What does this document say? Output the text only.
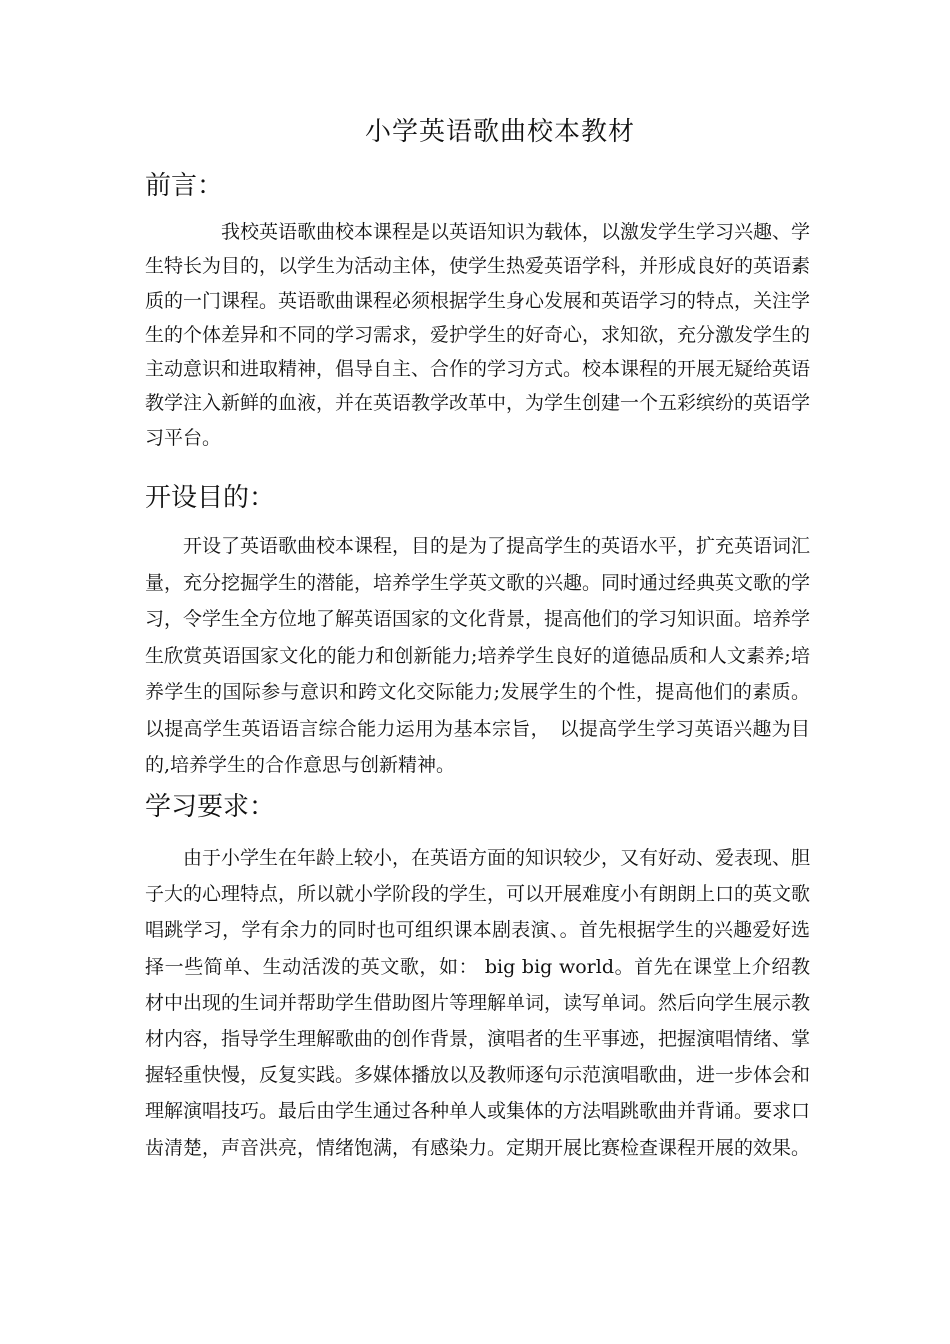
小学英语歌曲校本教材
前言：
我校英语歌曲校本课程是以英语知识为载体，以激发学生学习兴趣、学生特长为目的，以学生为活动主体，使学生热爱英语学科，并形成良好的英语素质的一门课程。英语歌曲课程必须根据学生身心发展和英语学习的特点，关注学生的个体差异和不同的学习需求，爱护学生的好奇心，求知欲，充分激发学生的主动意识和进取精神，倡导自主、合作的学习方式。校本课程的开展无疑给英语教学注入新鲜的血液，并在英语教学改革中，为学生创建一个五彩缤纷的英语学习平台。
开设目的：
开设了英语歌曲校本课程，目的是为了提高学生的英语水平，扩充英语词汇量，充分挖掘学生的潜能，培养学生学英文歌的兴趣。同时通过经典英文歌的学习，令学生全方位地了解英语国家的文化背景，提高他们的学习知识面。培养学生欣赏英语国家文化的能力和创新能力;培养学生良好的道德品质和人文素养;培养学生的国际参与意识和跨文化交际能力;发展学生的个性，提高他们的素质。以提高学生英语语言综合能力运用为基本宗旨，　以提高学生学习英语兴趣为目的,培养学生的合作意思与创新精神。
学习要求：
由于小学生在年龄上较小，在英语方面的知识较少，又有好动、爱表现、胆子大的心理特点，所以就小学阶段的学生，可以开展难度小有朗朗上口的英文歌唱跳学习，学有余力的同时也可组织课本剧表演、。首先根据学生的兴趣爱好选择一些简单、生动活泼的英文歌，如： big big world。首先在课堂上介绍教材中出现的生词并帮助学生借助图片等理解单词，读写单词。然后向学生展示教材内容，指导学生理解歌曲的创作背景，演唱者的生平事迹，把握演唱情绪、掌握轻重快慢，反复实践。多媒体播放以及教师逐句示范演唱歌曲，进一步体会和理解演唱技巧。最后由学生通过各种单人或集体的方法唱跳歌曲并背诵。要求口齿清楚，声音洪亮，情绪饱满，有感染力。定期开展比赛检查课程开展的效果。
